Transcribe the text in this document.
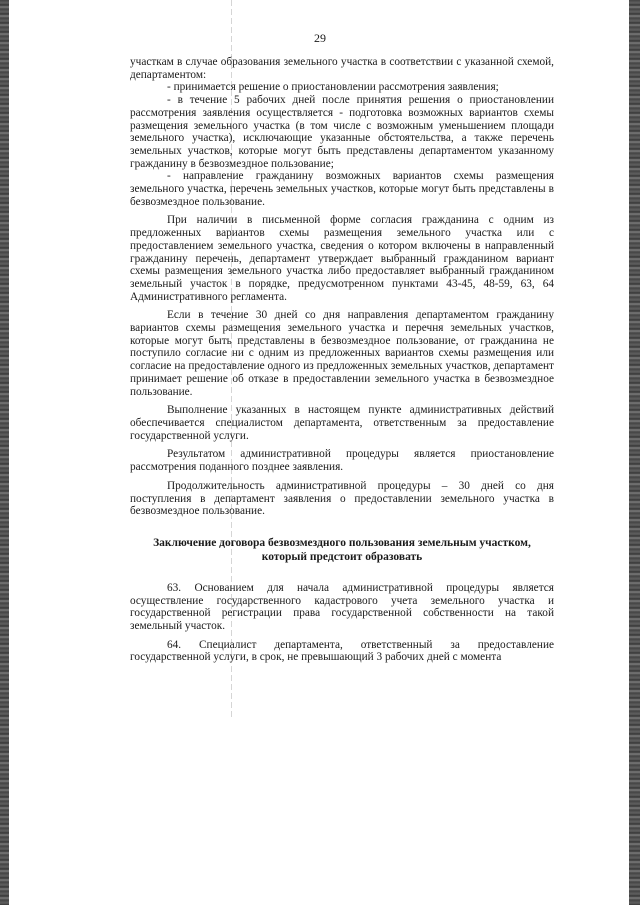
29

участкам в случае образования земельного участка в соответствии с указанной схемой, департаментом:

- принимается решение о приостановлении рассмотрения заявления;

- в течение 5 рабочих дней после принятия решения о приостановлении рассмотрения заявления осуществляется - подготовка возможных вариантов схемы размещения земельного участка (в том числе с возможным уменьшением площади земельного участка), исключающие указанные обстоятельства, а также перечень земельных участков, которые могут быть представлены департаментом указанному гражданину в безвозмездное пользование;

- направление гражданину возможных вариантов схемы размещения земельного участка, перечень земельных участков, которые могут быть представлены в безвозмездное пользование.

При наличии в письменной форме согласия гражданина с одним из предложенных вариантов схемы размещения земельного участка или с предоставлением земельного участка, сведения о котором включены в направленный гражданину перечень, департамент утверждает выбранный гражданином вариант схемы размещения земельного участка либо предоставляет выбранный гражданином земельный участок в порядке, предусмотренном пунктами 43-45, 48-59, 63, 64 Административного регламента.

Если в течение 30 дней со дня направления департаментом гражданину вариантов схемы размещения земельного участка и перечня земельных участков, которые могут быть представлены в безвозмездное пользование, от гражданина не поступило согласие ни с одним из предложенных вариантов схемы размещения или согласие на предоставление одного из предложенных земельных участков, департамент принимает решение об отказе в предоставлении земельного участка в безвозмездное пользование.

Выполнение указанных в настоящем пункте административных действий обеспечивается специалистом департамента, ответственным за предоставление государственной услуги.

Результатом административной процедуры является приостановление рассмотрения поданного позднее заявления.

Продолжительность административной процедуры – 30 дней со дня поступления в департамент заявления о предоставлении земельного участка в безвозмездное пользование.

Заключение договора безвозмездного пользования земельным участком, который предстоит образовать

63. Основанием для начала административной процедуры является осуществление государственного кадастрового учета земельного участка и государственной регистрации права государственной собственности на такой земельный участок.

64. Специалист департамента, ответственный за предоставление государственной услуги, в срок, не превышающий 3 рабочих дней с момента
